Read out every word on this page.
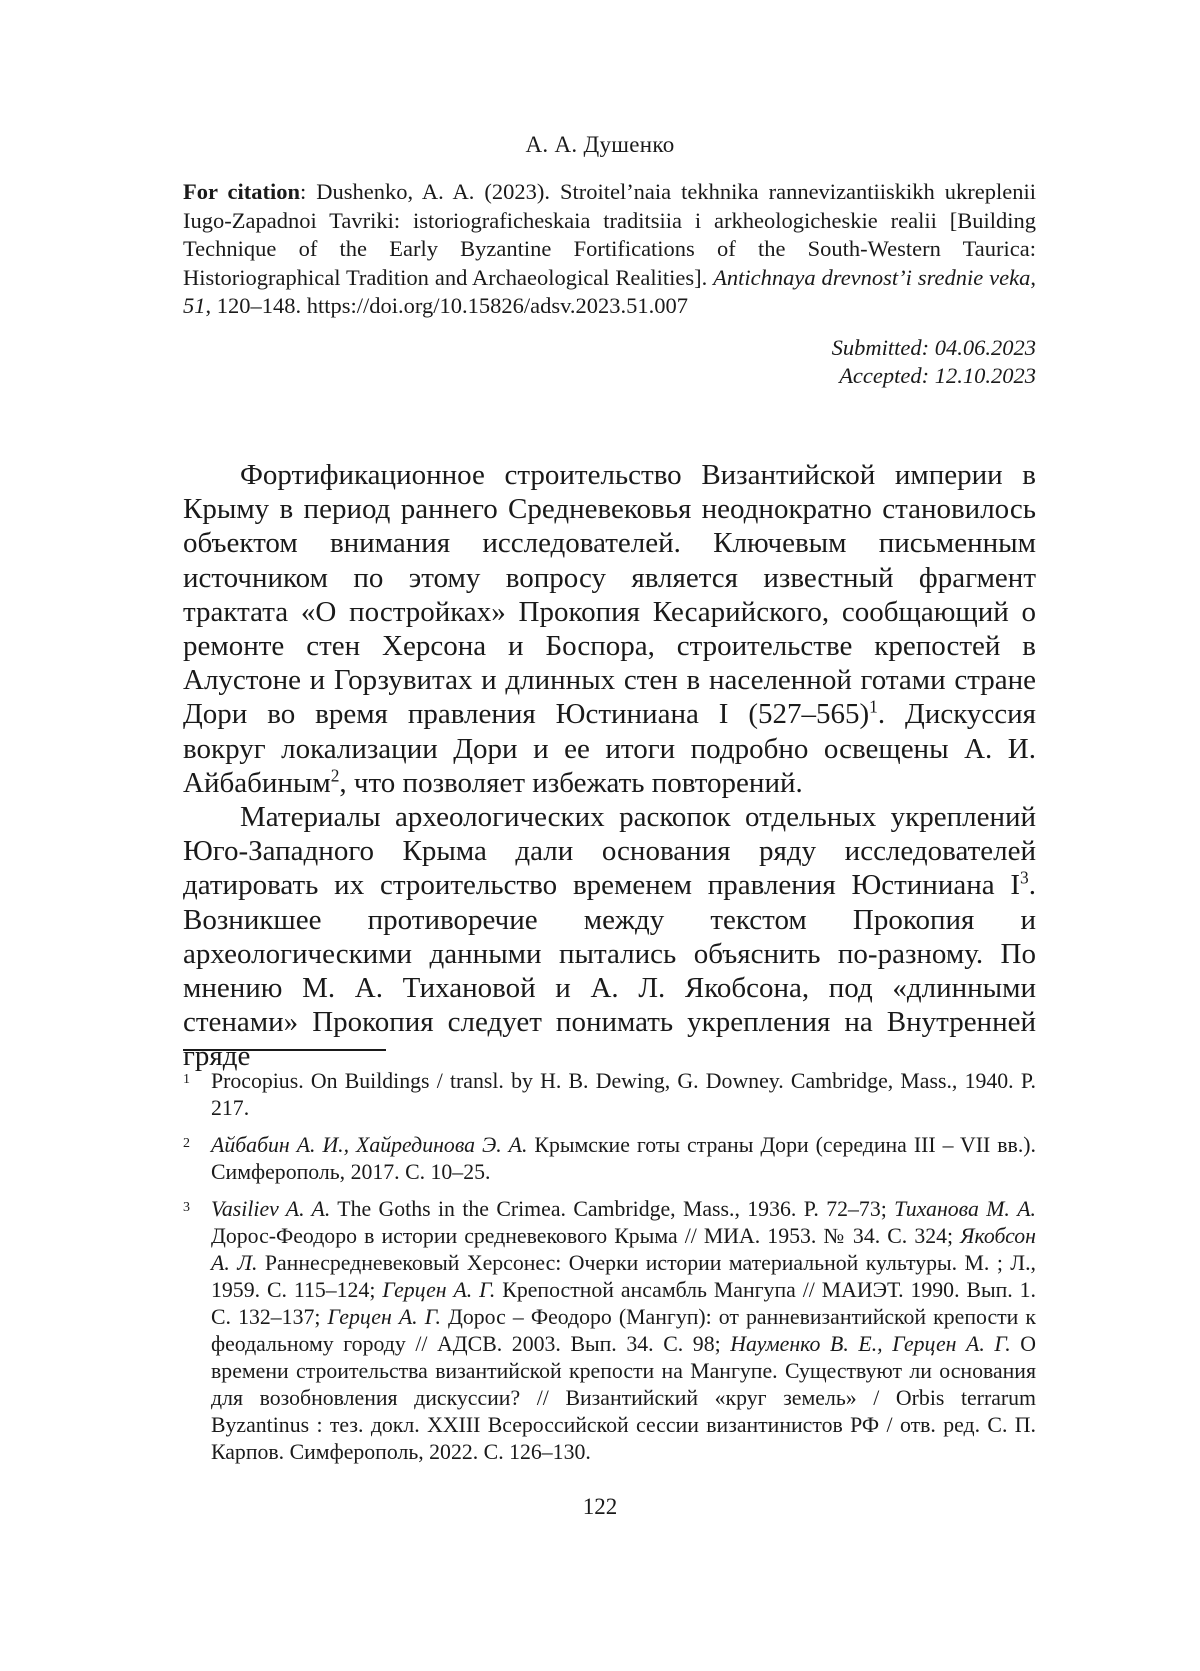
А. А. Душенко
For citation: Dushenko, A. A. (2023). Stroitel’naia tekhnika rannevizantiiskikh ukreplenii Iugo-Zapadnoi Tavriki: istoriograficheskaia traditsiia i arkheologicheskie realii [Building Technique of the Early Byzantine Fortifications of the South-Western Taurica: Historiographical Tradition and Archaeological Realities]. Antichnaya drevnost’i srednie veka, 51, 120–148. https://doi.org/10.15826/adsv.2023.51.007
Submitted: 04.06.2023
Accepted: 12.10.2023

Фортификационное строительство Византийской империи в Крыму в период раннего Средневековья неоднократно становилось объектом внимания исследователей. Ключевым письменным источником по этому вопросу является известный фрагмент трактата «О постройках» Прокопия Кесарийского, сообщающий о ремонте стен Херсона и Боспора, строительстве крепостей в Алустоне и Горзувитах и длинных стен в населенной готами стране Дори во время правления Юстиниана I (527–565)1. Дискуссия вокруг локализации Дори и ее итоги подробно освещены А. И. Айбабиным2, что позволяет избежать повторений.

Материалы археологических раскопок отдельных укреплений Юго-Западного Крыма дали основания ряду исследователей датировать их строительство временем правления Юстиниана I3. Возникшее противоречие между текстом Прокопия и археологическими данными пытались объяснить по-разному. По мнению М. А. Тихановой и А. Л. Якобсона, под «длинными стенами» Прокопия следует понимать укрепления на Внутренней гряде

1 Procopius. On Buildings / transl. by H. B. Dewing, G. Downey. Cambridge, Mass., 1940. P. 217.
2 Айбабин А. И., Хайрединова Э. А. Крымские готы страны Дори (середина III – VII вв.). Симферополь, 2017. С. 10–25.
3 Vasiliev A. A. The Goths in the Crimea. Cambridge, Mass., 1936. P. 72–73; Тиханова М. А. Дорос-Феодоро в истории средневекового Крыма // МИА. 1953. № 34. С. 324; Якобсон А. Л. Раннесредневековый Херсонес: Очерки истории материальной культуры. М. ; Л., 1959. С. 115–124; Герцен А. Г. Крепостной ансамбль Мангупа // МАИЭТ. 1990. Вып. 1. С. 132–137; Герцен А. Г. Дорос – Феодоро (Мангуп): от ранневизантийской крепости к феодальному городу // АДСВ. 2003. Вып. 34. С. 98; Науменко В. Е., Герцен А. Г. О времени строительства византийской крепости на Мангупе. Существуют ли основания для возобновления дискуссии? // Византийский «круг земель» / Orbis terrarum Byzantinus : тез. докл. XXIII Всероссийской сессии византинистов РФ / отв. ред. С. П. Карпов. Симферополь, 2022. С. 126–130.
122
